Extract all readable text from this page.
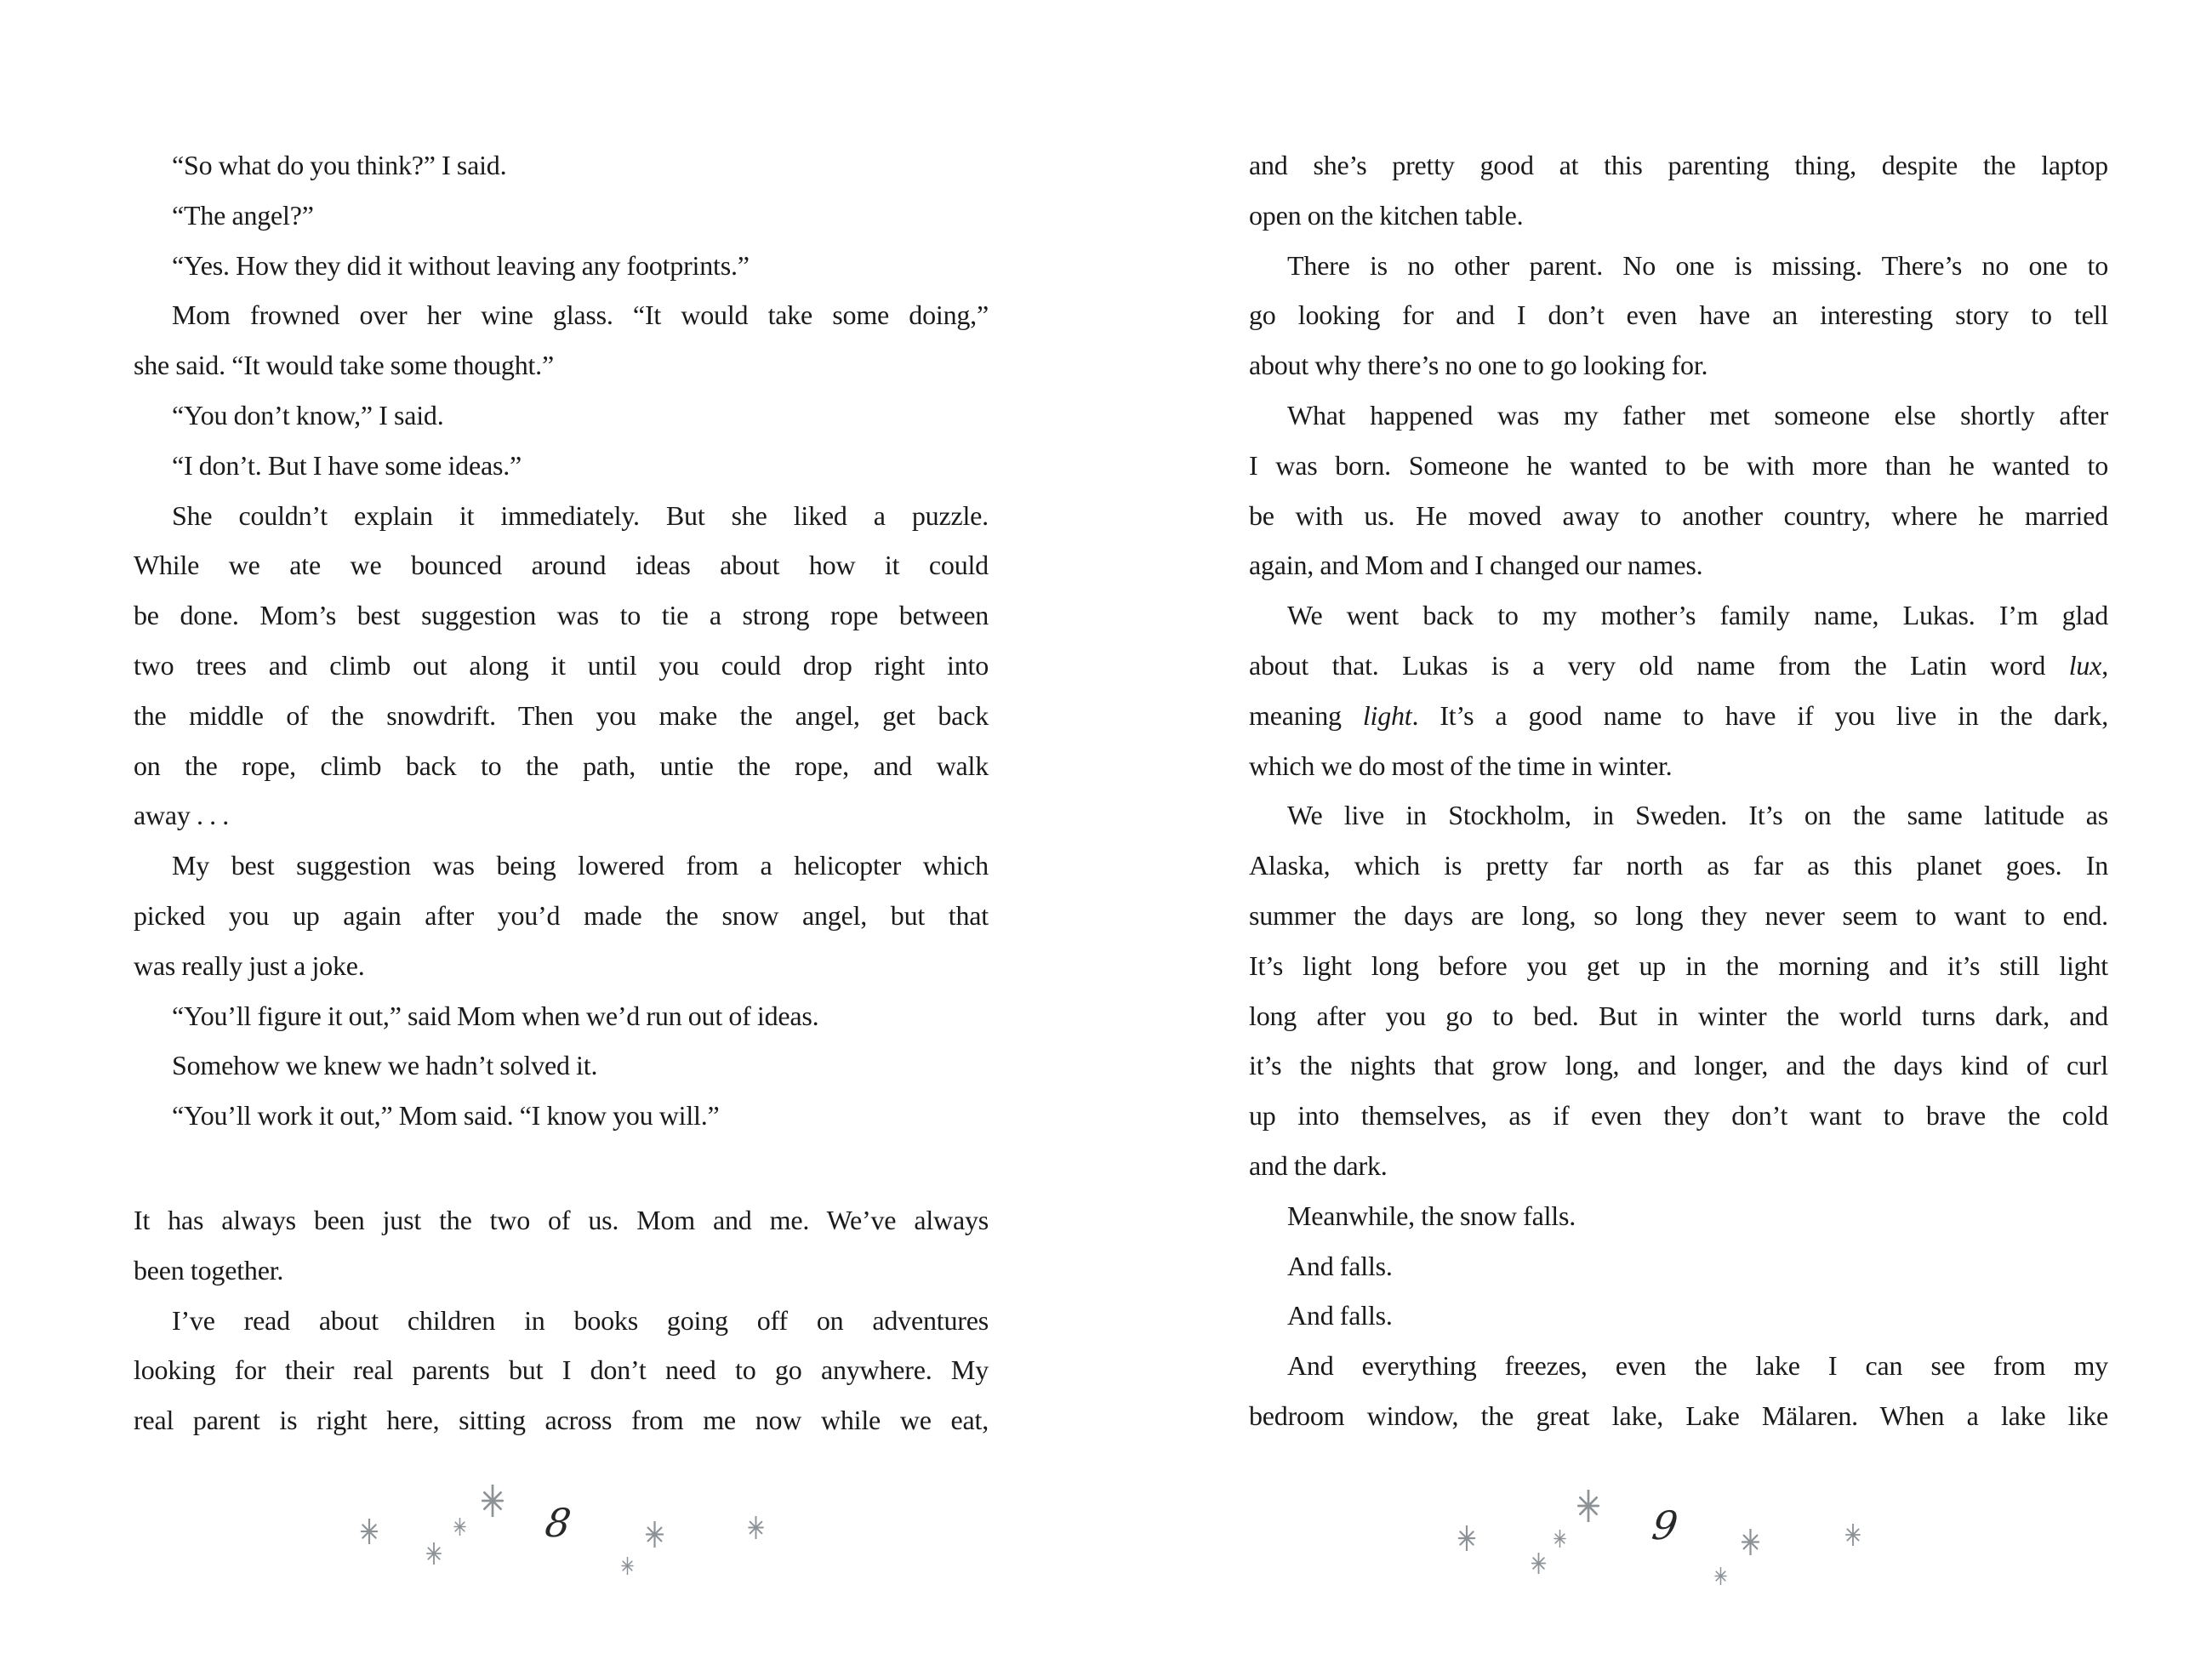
“So what do you think?” I said.
“The angel?”
“Yes. How they did it without leaving any footprints.”
Mom frowned over her wine glass. “It would take some doing,”
she said. “It would take some thought.”
“You don’t know,” I said.
“I don’t. But I have some ideas.”
She couldn’t explain it immediately. But she liked a puzzle.
While we ate we bounced around ideas about how it could
be done. Mom’s best suggestion was to tie a strong rope between
two trees and climb out along it until you could drop right into
the middle of the snowdrift. Then you make the angel, get back
on the rope, climb back to the path, untie the rope, and walk
away . . .
My best suggestion was being lowered from a helicopter which
picked you up again after you’d made the snow angel, but that
was really just a joke.
“You’ll figure it out,” said Mom when we’d run out of ideas.
Somehow we knew we hadn’t solved it.
“You’ll work it out,” Mom said. “I know you will.”
It has always been just the two of us. Mom and me. We’ve always
been together.
I’ve read about children in books going off on adventures
looking for their real parents but I don’t need to go anywhere. My
real parent is right here, sitting across from me now while we eat,
8
and she’s pretty good at this parenting thing, despite the laptop
open on the kitchen table.
There is no other parent. No one is missing. There’s no one to
go looking for and I don’t even have an interesting story to tell
about why there’s no one to go looking for.
What happened was my father met someone else shortly after
I was born. Someone he wanted to be with more than he wanted to
be with us. He moved away to another country, where he married
again, and Mom and I changed our names.
We went back to my mother’s family name, Lukas. I’m glad
about that. Lukas is a very old name from the Latin word lux,
meaning light. It’s a good name to have if you live in the dark,
which we do most of the time in winter.
We live in Stockholm, in Sweden. It’s on the same latitude as
Alaska, which is pretty far north as far as this planet goes. In
summer the days are long, so long they never seem to want to end.
It’s light long before you get up in the morning and it’s still light
long after you go to bed. But in winter the world turns dark, and
it’s the nights that grow long, and longer, and the days kind of curl
up into themselves, as if even they don’t want to brave the cold
and the dark.
Meanwhile, the snow falls.
And falls.
And falls.
And everything freezes, even the lake I can see from my
bedroom window, the great lake, Lake Mälaren. When a lake like
9
